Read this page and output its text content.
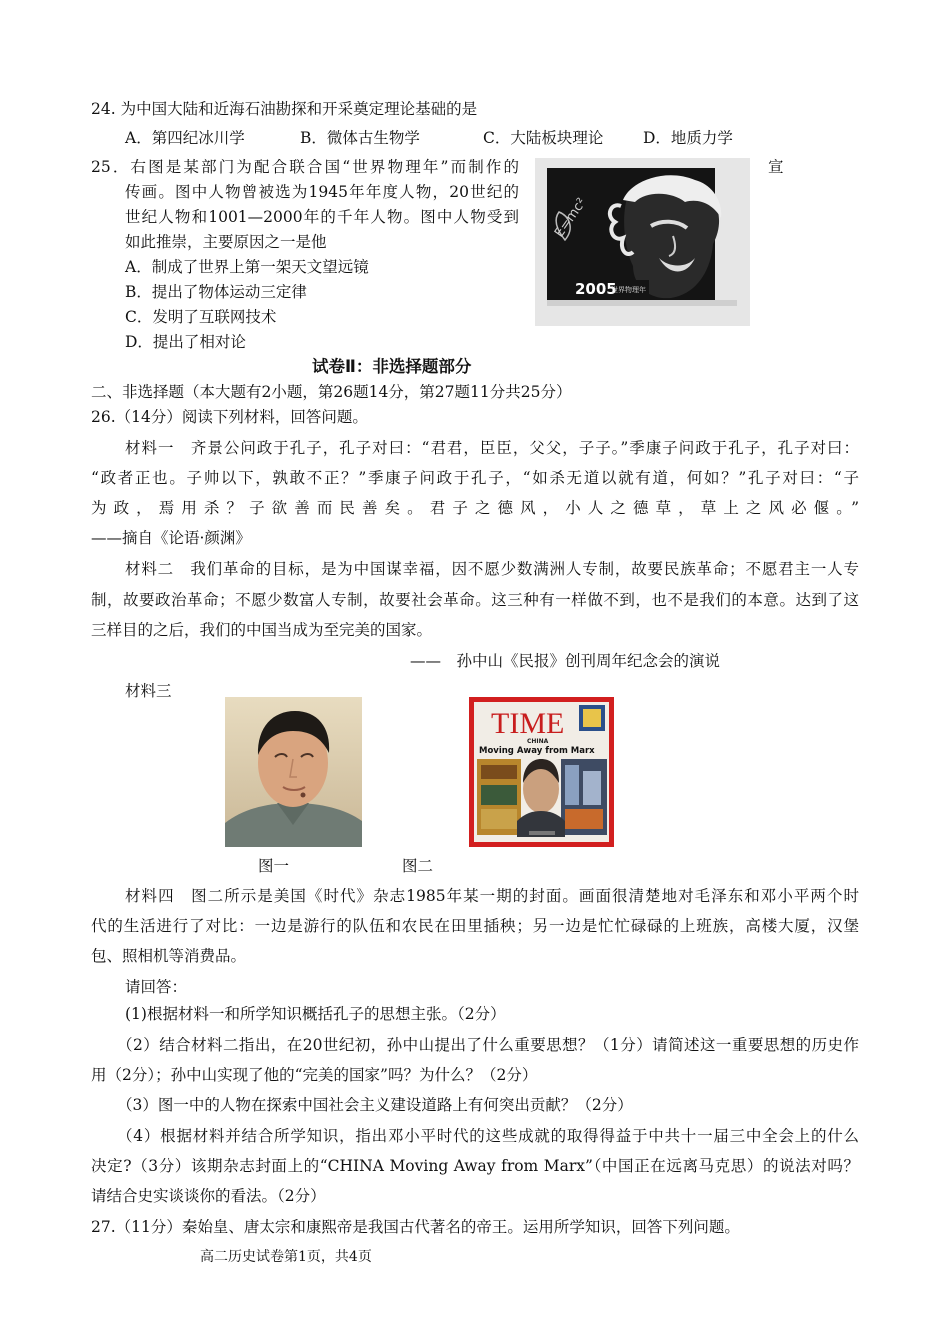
24. 为中国大陆和近海石油勘探和开采奠定理论基础的是
A．第四纪冰川学	B．微体古生物学	C．大陆板块理论	D．地质力学
25．右图是某部门为配合联合国“世界物理年”而制作的	宣
传画。图中人物曾被选为1945年年度人物，20世纪的
世纪人物和1001—2000年的千年人物。图中人物受到
如此推崇，主要原因之一是他
A．制成了世界上第一架天文望远镜
B．提出了物体运动三定律
C．发明了互联网技术
D．提出了相对论
E=mc²
2005
世界物理年
试卷Ⅱ：非选择题部分
二、非选择题（本大题有2小题，第26题14分，第27题11分共25分）
26.（14分）阅读下列材料，回答问题。
材料一　齐景公问政于孔子，孔子对曰：“君君，臣臣，父父，子子。”季康子问政于孔子，孔子对曰：
“政者正也。子帅以下，孰敢不正？”季康子问政于孔子，“如杀无道以就有道，何如？”孔子对曰：“子
为政，焉用杀？子欲善而民善矣。君子之德风，小人之德草，草上之风必偃。”
——摘自《论语·颜渊》
材料二　我们革命的目标，是为中国谋幸福，因不愿少数满洲人专制，故要民族革命；不愿君主一人专
制，故要政治革命；不愿少数富人专制，故要社会革命。这三种有一样做不到，也不是我们的本意。达到了这
三样目的之后，我们的中国当成为至完美的国家。
——　孙中山《民报》创刊周年纪念会的演说
材料三
TIME
CHINA
Moving Away from Marx
图一	图二
材料四　图二所示是美国《时代》杂志1985年某一期的封面。画面很清楚地对毛泽东和邓小平两个时
代的生活进行了对比：一边是游行的队伍和农民在田里插秧；另一边是忙忙碌碌的上班族，高楼大厦，汉堡
包、照相机等消费品。
请回答：
(1)根据材料一和所学知识概括孔子的思想主张。（2分）
（2）结合材料二指出，在20世纪初，孙中山提出了什么重要思想？（1分）请简述这一重要思想的历史作
用（2分）；孙中山实现了他的“完美的国家”吗？为什么？（2分）
（3）图一中的人物在探索中国社会主义建设道路上有何突出贡献？（2分）
（4）根据材料并结合所学知识，指出邓小平时代的这些成就的取得得益于中共十一届三中全会上的什么
决定?（3分）该期杂志封面上的“CHINA Moving Away from Marx”（中国正在远离马克思）的说法对吗？
请结合史实谈谈你的看法。（2分）
27.（11分）秦始皇、唐太宗和康熙帝是我国古代著名的帝王。运用所学知识，回答下列问题。
高二历史试卷第1页，共4页
